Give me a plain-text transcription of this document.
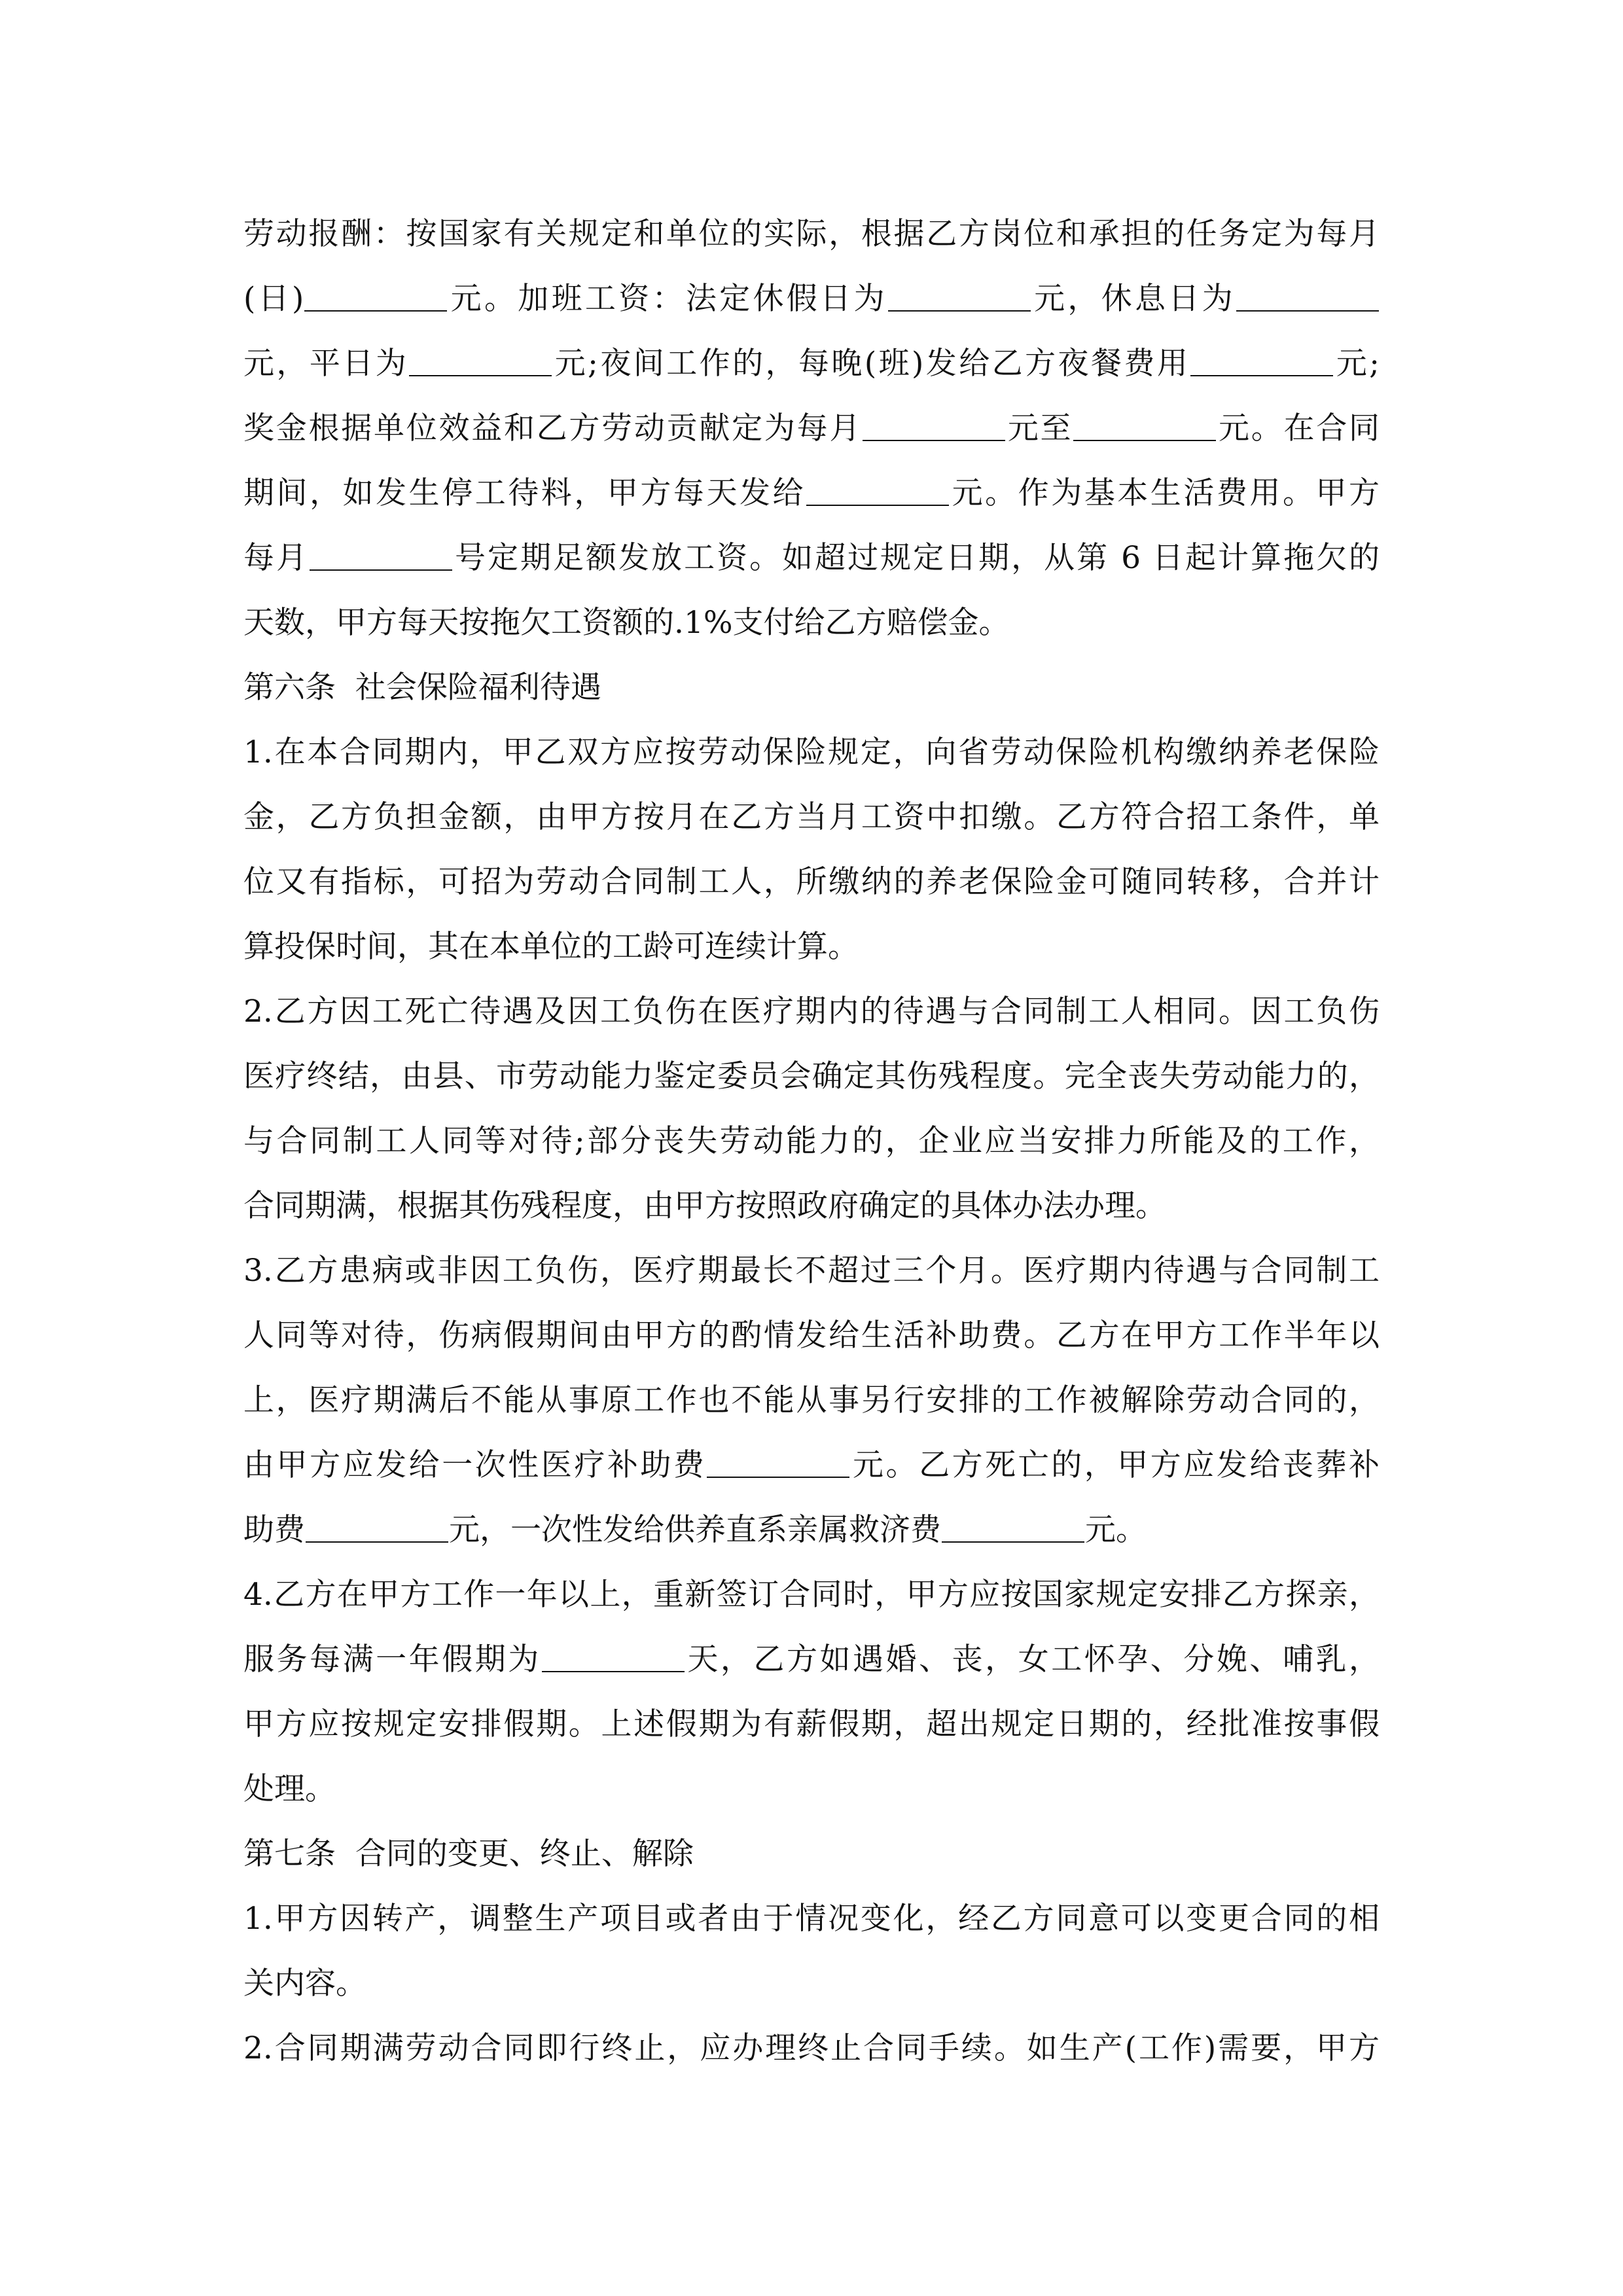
劳动报酬：按国家有关规定和单位的实际，根据乙方岗位和承担的任务定为每月
(日)	元。加班工资：法定休假日为	元，休息日为
元，平日为	元;夜间工作的，每晚(班)发给乙方夜餐费用	元;
奖金根据单位效益和乙方劳动贡献定为每月	元至	元。在合同
期间，如发生停工待料，甲方每天发给	元。作为基本生活费用。甲方
每月	号定期足额发放工资。如超过规定日期，从第 6 日起计算拖欠的
天数，甲方每天按拖欠工资额的.1%支付给乙方赔偿金。
第六条  社会保险福利待遇
1.在本合同期内，甲乙双方应按劳动保险规定，向省劳动保险机构缴纳养老保险
金，乙方负担金额，由甲方按月在乙方当月工资中扣缴。乙方符合招工条件，单
位又有指标，可招为劳动合同制工人，所缴纳的养老保险金可随同转移，合并计
算投保时间，其在本单位的工龄可连续计算。
2.乙方因工死亡待遇及因工负伤在医疗期内的待遇与合同制工人相同。因工负伤
医疗终结，由县、市劳动能力鉴定委员会确定其伤残程度。完全丧失劳动能力的，
与合同制工人同等对待;部分丧失劳动能力的，企业应当安排力所能及的工作，
合同期满，根据其伤残程度，由甲方按照政府确定的具体办法办理。
3.乙方患病或非因工负伤，医疗期最长不超过三个月。医疗期内待遇与合同制工
人同等对待，伤病假期间由甲方的酌情发给生活补助费。乙方在甲方工作半年以
上，医疗期满后不能从事原工作也不能从事另行安排的工作被解除劳动合同的，
由甲方应发给一次性医疗补助费	元。乙方死亡的，甲方应发给丧葬补
助费	元，一次性发给供养直系亲属救济费	元。
4.乙方在甲方工作一年以上，重新签订合同时，甲方应按国家规定安排乙方探亲，
服务每满一年假期为	天，乙方如遇婚、丧，女工怀孕、分娩、哺乳，
甲方应按规定安排假期。上述假期为有薪假期，超出规定日期的，经批准按事假
处理。
第七条  合同的变更、终止、解除
1.甲方因转产，调整生产项目或者由于情况变化，经乙方同意可以变更合同的相
关内容。
2.合同期满劳动合同即行终止，应办理终止合同手续。如生产(工作)需要，甲方
